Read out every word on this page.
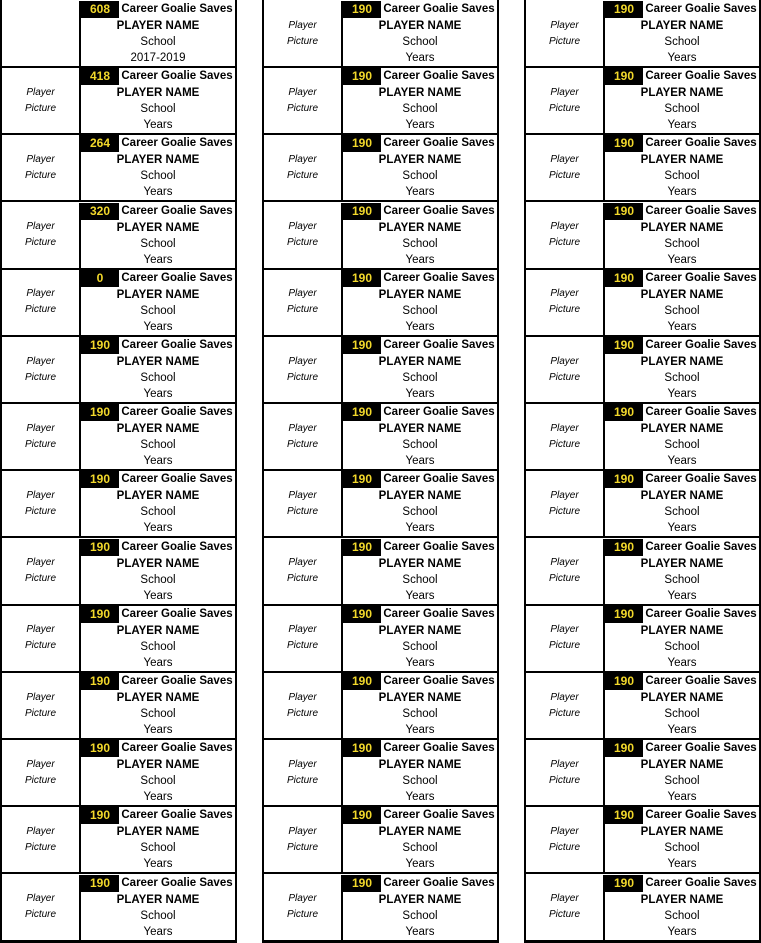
608 Career Goalie Saves
PLAYER NAME
School
2017-2019
Player
Picture
418 Career Goalie Saves
PLAYER NAME
School
Years
Player
Picture
264 Career Goalie Saves
PLAYER NAME
School
Years
Player
Picture
320 Career Goalie Saves
PLAYER NAME
School
Years
Player
Picture
0	Career Goalie Saves
PLAYER NAME
School
Years
Player
Picture
190 Career Goalie Saves
PLAYER NAME
School
Years
Player
Picture
190 Career Goalie Saves
PLAYER NAME
School
Years
Player
Picture
190 Career Goalie Saves
PLAYER NAME
School
Years
Player
Picture
190 Career Goalie Saves
PLAYER NAME
School
Years
Player
Picture
190 Career Goalie Saves
PLAYER NAME
School
Years
Player
Picture
190 Career Goalie Saves
PLAYER NAME
School
Years
Player
Picture
190 Career Goalie Saves
PLAYER NAME
School
Years
Player
Picture
190 Career Goalie Saves
PLAYER NAME
School
Years
Player
Picture
190 Career Goalie Saves
PLAYER NAME
School
Years
Player
Picture
190 Career Goalie Saves
PLAYER NAME
School
Years
Player
Picture
190 Career Goalie Saves
PLAYER NAME
School
Years
Player
Picture
190 Career Goalie Saves
PLAYER NAME
School
Years
Player
Picture
190 Career Goalie Saves
PLAYER NAME
School
Years
Player
Picture
190 Career Goalie Saves
PLAYER NAME
School
Years
Player
Picture
190 Career Goalie Saves
PLAYER NAME
School
Years
Player
Picture
190 Career Goalie Saves
PLAYER NAME
School
Years
Player
Picture
190 Career Goalie Saves
PLAYER NAME
School
Years
Player
Picture
190 Career Goalie Saves
PLAYER NAME
School
Years
Player
Picture
190 Career Goalie Saves
PLAYER NAME
School
Years
Player
Picture
190 Career Goalie Saves
PLAYER NAME
School
Years
Player
Picture
190 Career Goalie Saves
PLAYER NAME
School
Years
Player
Picture
190 Career Goalie Saves
PLAYER NAME
School
Years
Player
Picture
190 Career Goalie Saves
PLAYER NAME
School
Years
Player
Picture
190 Career Goalie Saves
PLAYER NAME
School
Years
Player
Picture
190 Career Goalie Saves
PLAYER NAME
School
Years
Player
Picture
190 Career Goalie Saves
PLAYER NAME
School
Years
Player
Picture
190 Career Goalie Saves
PLAYER NAME
School
Years
Player
Picture
190 Career Goalie Saves
PLAYER NAME
School
Years
Player
Picture
190 Career Goalie Saves
PLAYER NAME
School
Years
Player
Picture
190 Career Goalie Saves
PLAYER NAME
School
Years
Player
Picture
190 Career Goalie Saves
PLAYER NAME
School
Years
Player
Picture
190 Career Goalie Saves
PLAYER NAME
School
Years
Player
Picture
190 Career Goalie Saves
PLAYER NAME
School
Years
Player
Picture
190 Career Goalie Saves
PLAYER NAME
School
Years
Player
Picture
190 Career Goalie Saves
PLAYER NAME
School
Years
Player
Picture
190 Career Goalie Saves
PLAYER NAME
School
Years
Player
Picture
190 Career Goalie Saves
PLAYER NAME
School
Years
